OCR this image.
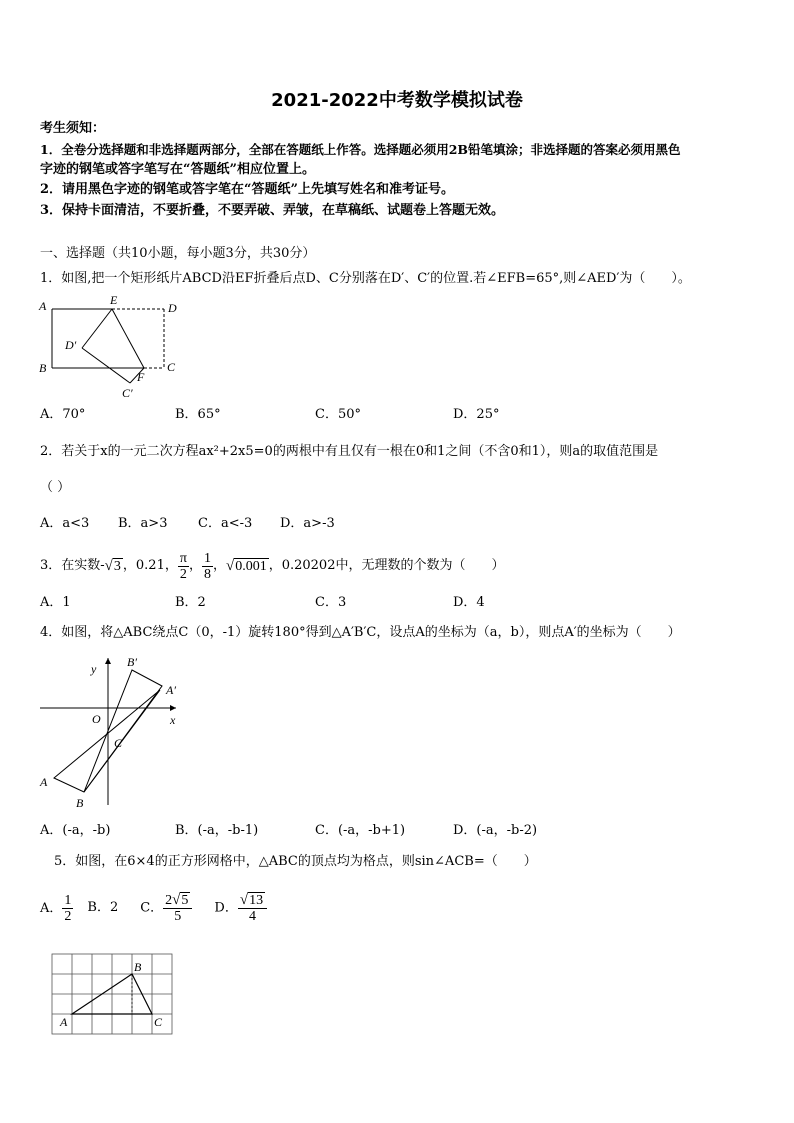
2021-2022中考数学模拟试卷
考生须知：
1．全卷分选择题和非选择题两部分，全部在答题纸上作答。选择题必须用2B铅笔填涂；非选择题的答案必须用黑色
字迹的钢笔或答字笔写在“答题纸”相应位置上。
2．请用黑色字迹的钢笔或答字笔在“答题纸”上先填写姓名和准考证号。
3．保持卡面清洁，不要折叠，不要弄破、弄皱，在草稿纸、试题卷上答题无效。
一、选择题（共10小题，每小题3分，共30分）
1．如图,把一个矩形纸片ABCD沿EF折叠后点D、C分别落在D′、C′的位置.若∠EFB=65°,则∠AED′为（　　）。
A	E
D
D′
B	C
F
C′
A．70°	B．65°	C．50°	D．25°
2．若关于x的一元二次方程ax²+2x5=0的两根中有且仅有一根在0和1之间（不含0和1），则a的取值范围是
（ ）
A．a<3 B．a>3 C．a<-3 D．a>-3
3．在实数- √ 3 ，0.21， $\frac{\pi}{2}$ ， $\frac{1}{8}$ ， √ 0.001 ，0.20202中，无理数的个数为（　　）
A．1	B．2	C．3	D．4
4．如图，将△ABC绕点C（0，-1）旋转180°得到△A′B′C，设点A的坐标为（a，b），则点A′的坐标为（　　）
y
x
O
C
A
B
A′
B′
A．(-a，-b)	B．(-a，-b-1)	C．(-a，-b+1)	D．(-a，-b-2)
5．如图，在6×4的正方形网格中，△ABC的顶点均为格点，则sin∠ACB=（　　）
A． $\frac{1}{2}$ B．2 C． $\frac{2√5}{5}$ D． $\frac{√13}{4}$
A
B
C
